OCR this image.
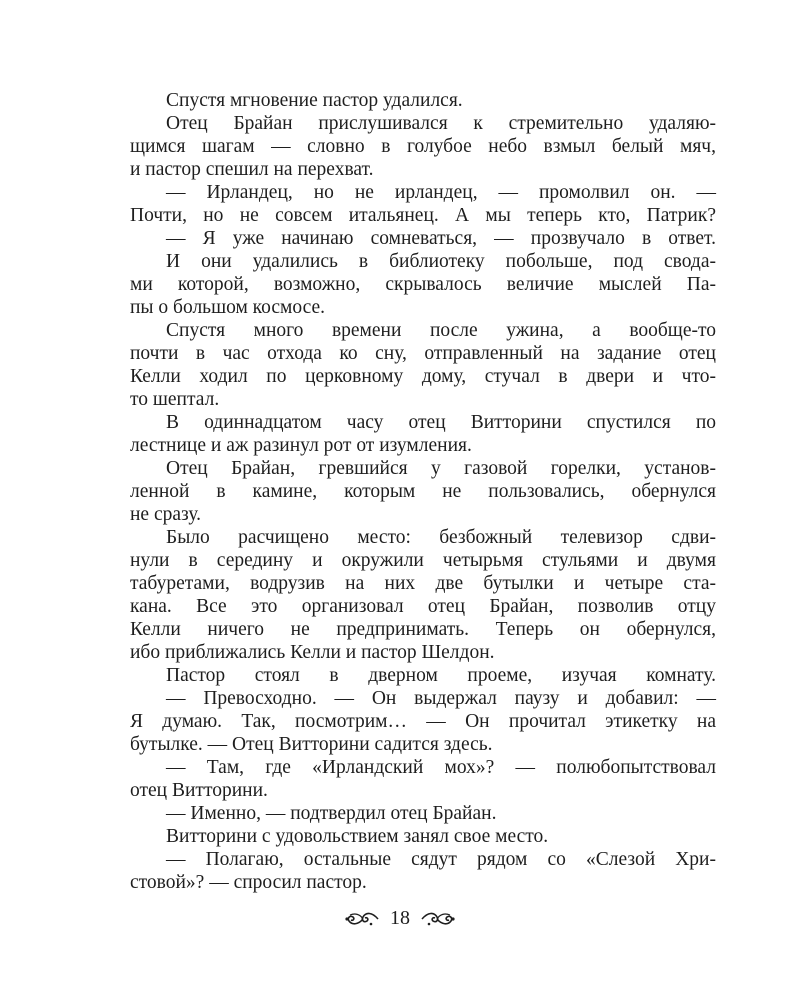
Спустя мгновение пастор удалился.
Отец Брайан прислушивался к стремительно удаляю-
щимся шагам — словно в голубое небо взмыл белый мяч,
и пастор спешил на перехват.
— Ирландец, но не ирландец, — промолвил он. —
Почти, но не совсем итальянец. А мы теперь кто, Патрик?
— Я уже начинаю сомневаться, — прозвучало в ответ.
И они удалились в библиотеку побольше, под свода-
ми которой, возможно, скрывалось величие мыслей Па-
пы о большом космосе.
Спустя много времени после ужина, а вообще-то
почти в час отхода ко сну, отправленный на задание отец
Келли ходил по церковному дому, стучал в двери и что-
то шептал.
В одиннадцатом часу отец Витторини спустился по
лестнице и аж разинул рот от изумления.
Отец Брайан, гревшийся у газовой горелки, установ-
ленной в камине, которым не пользовались, обернулся
не сразу.
Было расчищено место: безбожный телевизор сдви-
нули в середину и окружили четырьмя стульями и двумя
табуретами, водрузив на них две бутылки и четыре ста-
кана. Все это организовал отец Брайан, позволив отцу
Келли ничего не предпринимать. Теперь он обернулся,
ибо приближались Келли и пастор Шелдон.
Пастор стоял в дверном проеме, изучая комнату.
— Превосходно. — Он выдержал паузу и добавил: —
Я думаю. Так, посмотрим… — Он прочитал этикетку на
бутылке. — Отец Витторини садится здесь.
— Там, где «Ирландский мох»? — полюбопытствовал
отец Витторини.
— Именно, — подтвердил отец Брайан.
Витторини с удовольствием занял свое место.
— Полагаю, остальные сядут рядом со «Слезой Хри-
стовой»? — спросил пастор.
18
